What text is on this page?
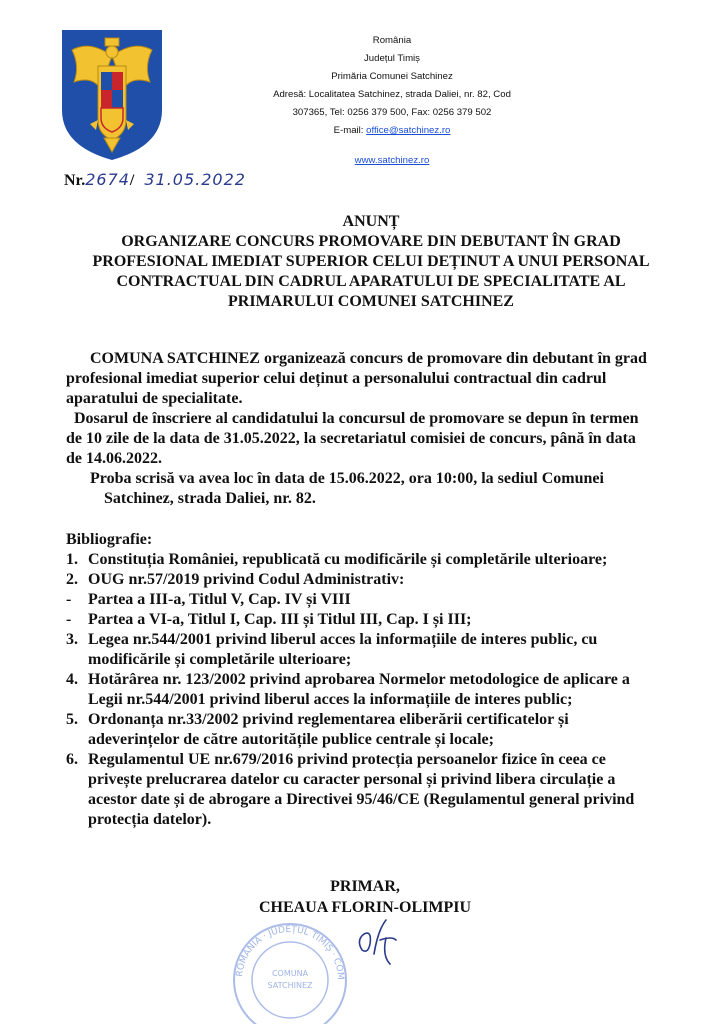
România
Județul Timiș
Primăria Comunei Satchinez
Adresă: Localitatea Satchinez, strada Daliei, nr. 82, Cod
307365, Tel: 0256 379 500, Fax: 0256 379 502
E-mail: office@satchinez.ro
www.satchinez.ro
Nr.2674/ 31.05.2022
ANUNȚ
ORGANIZARE CONCURS PROMOVARE DIN DEBUTANT ÎN GRAD
PROFESIONAL IMEDIAT SUPERIOR CELUI DEȚINUT A UNUI PERSONAL
CONTRACTUAL DIN CADRUL APARATULUI DE SPECIALITATE AL
PRIMARULUI COMUNEI SATCHINEZ
COMUNA SATCHINEZ organizează concurs de promovare din debutant în grad
profesional imediat superior celui deținut a personalului contractual din cadrul
aparatului de specialitate.
Dosarul de înscriere al candidatului la concursul de promovare se depun în termen
de 10 zile de la data de 31.05.2022, la secretariatul comisiei de concurs, până în data
de 14.06.2022.
Proba scrisă va avea loc în data de 15.06.2022, ora 10:00, la sediul Comunei
Satchinez, strada Daliei, nr. 82.
Bibliografie:
1. Constituția României, republicată cu modificările și completările ulterioare;
2. OUG nr.57/2019 privind Codul Administrativ:
-	Partea a III-a, Titlul V, Cap. IV și VIII
-	Partea a VI-a, Titlul I, Cap. III și Titlul III, Cap. I și III;
3. Legea nr.544/2001 privind liberul acces la informațiile de interes public, cu
modificările și completările ulterioare;
4. Hotărârea nr. 123/2002 privind aprobarea Normelor metodologice de aplicare a
Legii nr.544/2001 privind liberul acces la informațiile de interes public;
5. Ordonanța nr.33/2002 privind reglementarea eliberării certificatelor și
adeverințelor de către autoritățile publice centrale și locale;
6. Regulamentul UE nr.679/2016 privind protecția persoanelor fizice în ceea ce
privește prelucrarea datelor cu caracter personal și privind libera circulație a
acestor date și de abrogare a Directivei 95/46/CE (Regulamentul general privind
protecția datelor).
PRIMAR,
CHEAUA FLORIN-OLIMPIU
ROMÂNIA · JUDEȚUL TIMIȘ · COM
COMUNA
SATCHINEZ
